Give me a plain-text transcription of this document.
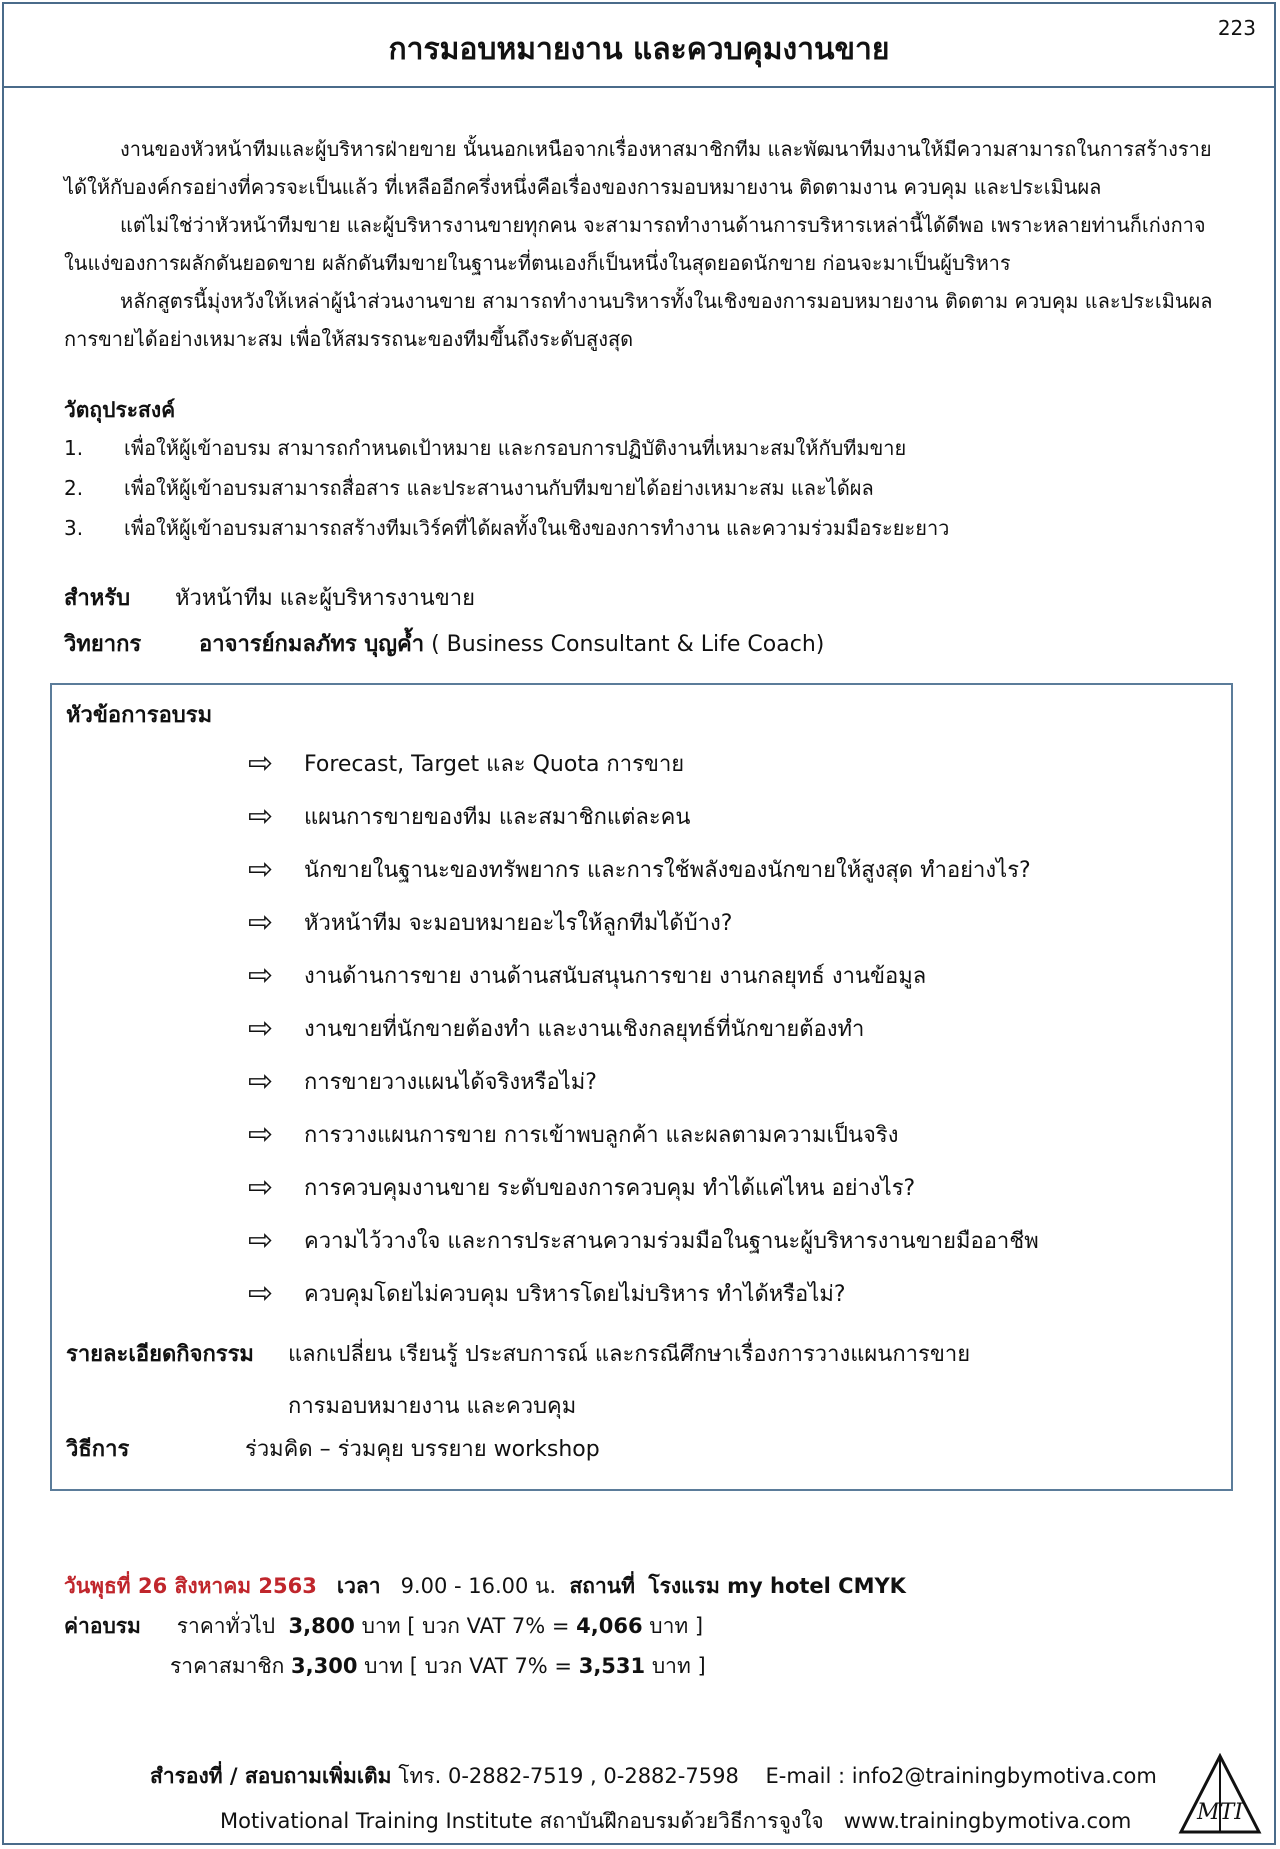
การมอบหมายงาน และควบคุมงานขาย
223

งานของหัวหน้าทีมและผู้บริหารฝ่ายขาย นั้นนอกเหนือจากเรื่องหาสมาชิกทีม และพัฒนาทีมงานให้มีความสามารถในการสร้างรายได้ให้กับองค์กรอย่างที่ควรจะเป็นแล้ว ที่เหลืออีกครึ่งหนึ่งคือเรื่องของการมอบหมายงาน ติดตามงาน ควบคุม และประเมินผล

แต่ไม่ใช่ว่าหัวหน้าทีมขาย และผู้บริหารงานขายทุกคน จะสามารถทำงานด้านการบริหารเหล่านี้ได้ดีพอ เพราะหลายท่านก็เก่งกาจในแง่ของการผลักดันยอดขาย ผลักดันทีมขายในฐานะที่ตนเองก็เป็นหนึ่งในสุดยอดนักขาย ก่อนจะมาเป็นผู้บริหาร

หลักสูตรนี้มุ่งหวังให้เหล่าผู้นำส่วนงานขาย สามารถทำงานบริหารทั้งในเชิงของการมอบหมายงาน ติดตาม ควบคุม และประเมินผลการขายได้อย่างเหมาะสม เพื่อให้สมรรถนะของทีมขึ้นถึงระดับสูงสุด

วัตถุประสงค์
1.	เพื่อให้ผู้เข้าอบรม สามารถกำหนดเป้าหมาย และกรอบการปฏิบัติงานที่เหมาะสมให้กับทีมขาย
2.	เพื่อให้ผู้เข้าอบรมสามารถสื่อสาร และประสานงานกับทีมขายได้อย่างเหมาะสม และได้ผล
3.	เพื่อให้ผู้เข้าอบรมสามารถสร้างทีมเวิร์คที่ได้ผลทั้งในเชิงของการทำงาน และความร่วมมือระยะยาว
สำหรับ หัวหน้าทีม และผู้บริหารงานขาย
วิทยากร	อาจารย์กมลภัทร บุญค้ำ ( Business Consultant & Life Coach)
หัวข้อการอบรม
⇨	Forecast, Target และ Quota การขาย
⇨	แผนการขายของทีม และสมาชิกแต่ละคน
⇨	นักขายในฐานะของทรัพยากร และการใช้พลังของนักขายให้สูงสุด ทำอย่างไร?
⇨	หัวหน้าทีม จะมอบหมายอะไรให้ลูกทีมได้บ้าง?
⇨	งานด้านการขาย งานด้านสนับสนุนการขาย งานกลยุทธ์ งานข้อมูล
⇨	งานขายที่นักขายต้องทำ และงานเชิงกลยุทธ์ที่นักขายต้องทำ
⇨	การขายวางแผนได้จริงหรือไม่?
⇨	การวางแผนการขาย การเข้าพบลูกค้า และผลตามความเป็นจริง
⇨	การควบคุมงานขาย ระดับของการควบคุม ทำได้แค่ไหน อย่างไร?
⇨	ความไว้วางใจ และการประสานความร่วมมือในฐานะผู้บริหารงานขายมืออาชีพ
⇨	ควบคุมโดยไม่ควบคุม บริหารโดยไม่บริหาร ทำได้หรือไม่?
รายละเอียดกิจกรรม แลกเปลี่ยน เรียนรู้ ประสบการณ์ และกรณีศึกษาเรื่องการวางแผนการขาย
การมอบหมายงาน และควบคุม
วิธีการ	ร่วมคิด – ร่วมคุย บรรยาย workshop
วันพุธที่ 26 สิงหาคม 2563 เวลา 9.00 - 16.00 น. สถานที่ โรงแรม my hotel CMYK
ค่าอบรม ราคาทั่วไป 3,800 บาท [ บวก VAT 7% = 4,066 บาท ]
ราคาสมาชิก 3,300 บาท [ บวก VAT 7% = 3,531 บาท ]
สำรองที่ / สอบถามเพิ่มเติม โทร. 0-2882-7519 , 0-2882-7598 E-mail : info2@trainingbymotiva.com
Motivational Training Institute สถาบันฝึกอบรมด้วยวิธีการจูงใจ www.trainingbymotiva.com	MTI
